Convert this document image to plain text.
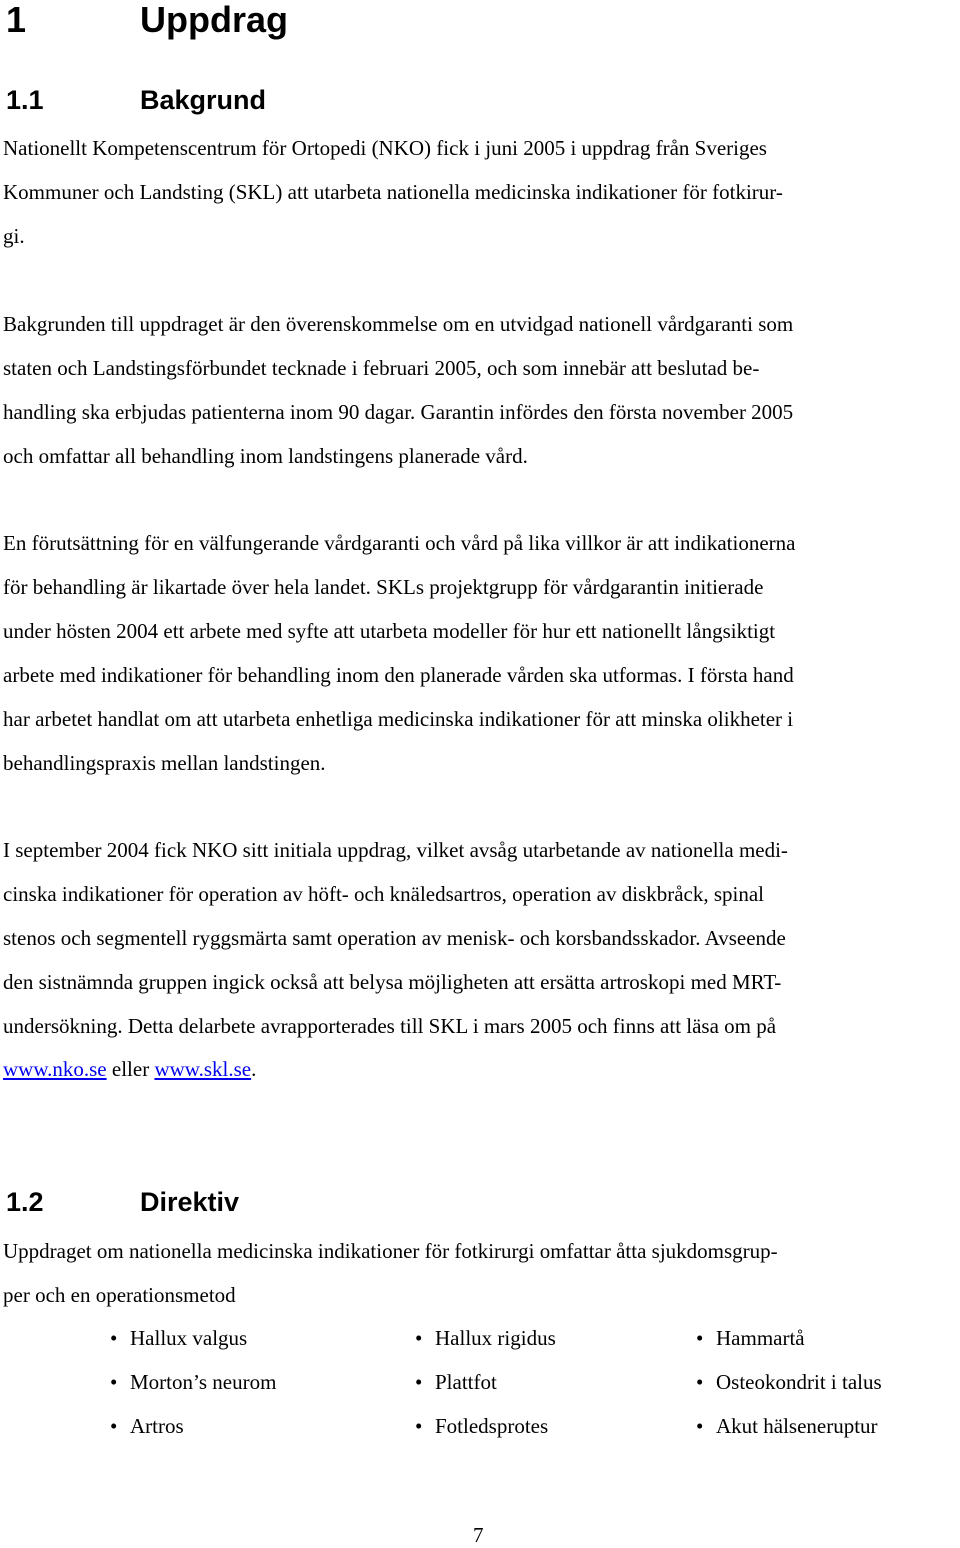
1	Uppdrag
1.1	Bakgrund
Nationellt Kompetenscentrum för Ortopedi (NKO) fick i juni 2005 i uppdrag från Sveriges
Kommuner och Landsting (SKL) att utarbeta nationella medicinska indikationer för fotkirur-
gi.
Bakgrunden till uppdraget är den överenskommelse om en utvidgad nationell vårdgaranti som
staten och Landstingsförbundet tecknade i februari 2005, och som innebär att beslutad be-
handling ska erbjudas patienterna inom 90 dagar. Garantin infördes den första november 2005
och omfattar all behandling inom landstingens planerade vård.
En förutsättning för en välfungerande vårdgaranti och vård på lika villkor är att indikationerna
för behandling är likartade över hela landet. SKLs projektgrupp för vårdgarantin initierade
under hösten 2004 ett arbete med syfte att utarbeta modeller för hur ett nationellt långsiktigt
arbete med indikationer för behandling inom den planerade vården ska utformas. I första hand
har arbetet handlat om att utarbeta enhetliga medicinska indikationer för att minska olikheter i
behandlingspraxis mellan landstingen.
I september 2004 fick NKO sitt initiala uppdrag, vilket avsåg utarbetande av nationella medi-
cinska indikationer för operation av höft- och knäledsartros, operation av diskbråck, spinal
stenos och segmentell ryggsmärta samt operation av menisk- och korsbandsskador. Avseende
den sistnämnda gruppen ingick också att belysa möjligheten att ersätta artroskopi med MRT-
undersökning. Detta delarbete avrapporterades till SKL i mars 2005 och finns att läsa om på
www.nko.se eller www.skl.se.
1.2	Direktiv
Uppdraget om nationella medicinska indikationer för fotkirurgi omfattar åtta sjukdomsgrup-
per och en operationsmetod
• Hallux valgus
• Morton’s neurom
• Artros
• Hallux rigidus
• Plattfot
• Fotledsprotes
• Hammartå
• Osteokondrit i talus
• Akut hälseneruptur
7
